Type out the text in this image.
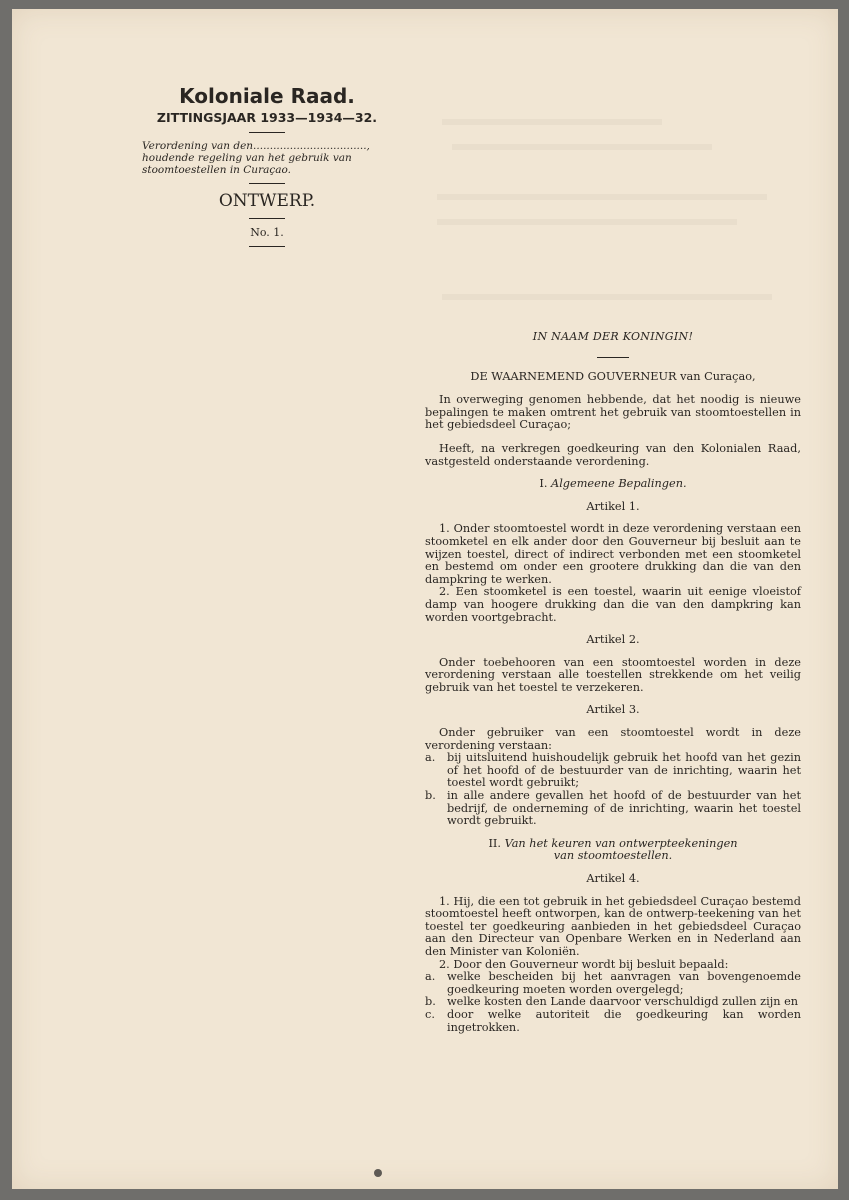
Koloniale Raad.
ZITTINGSJAAR 1933—1934—32.
Verordening van den..................................,
houdende regeling van het gebruik van
stoomtoestellen in Curaçao.
ONTWERP.
No. 1.
IN NAAM DER KONINGIN!
DE WAARNEMEND GOUVERNEUR van Curaçao,

In overweging genomen hebbende, dat het noodig is nieuwe bepalingen te maken omtrent het gebruik van stoomtoestellen in het gebiedsdeel Curaçao;

Heeft, na verkregen goedkeuring van den Kolonialen Raad, vastgesteld onderstaande verordening.

I. Algemeene Bepalingen.
Artikel 1.

1. Onder stoomtoestel wordt in deze verordening verstaan een stoomketel en elk ander door den Gouverneur bij besluit aan te wijzen toestel, direct of indirect verbonden met een stoomketel en bestemd om onder een grootere drukking dan die van den dampkring te werken.

2. Een stoomketel is een toestel, waarin uit eenige vloeistof damp van hoogere drukking dan die van den dampkring kan worden voortgebracht.

Artikel 2.

Onder toebehooren van een stoomtoestel worden in deze verordening verstaan alle toestellen strekkende om het veilig gebruik van het toestel te verzekeren.

Artikel 3.

Onder gebruiker van een stoomtoestel wordt in deze verordening verstaan:

a.	bij uitsluitend huishoudelijk gebruik het hoofd van het gezin of het hoofd of de bestuurder van de inrichting, waarin het toestel wordt gebruikt;
b. in alle andere gevallen het hoofd of de bestuurder van het bedrijf, de onderneming of de inrichting, waarin het toestel wordt gebruikt.
II. Van het keuren van ontwerpteekeningen
van stoomtoestellen.
Artikel 4.

1. Hij, die een tot gebruik in het gebiedsdeel Curaçao bestemd stoomtoestel heeft ontworpen, kan de ontwerp-teekening van het toestel ter goedkeuring aanbieden in het gebiedsdeel Curaçao aan den Directeur van Openbare Werken en in Nederland aan den Minister van Koloniën.

2. Door den Gouverneur wordt bij besluit bepaald:

a.	welke bescheiden bij het aanvragen van bovengenoemde goedkeuring moeten worden overgelegd;
b. welke kosten den Lande daarvoor verschuldigd zullen zijn en
c.	door welke autoriteit die goedkeuring kan worden ingetrokken.
